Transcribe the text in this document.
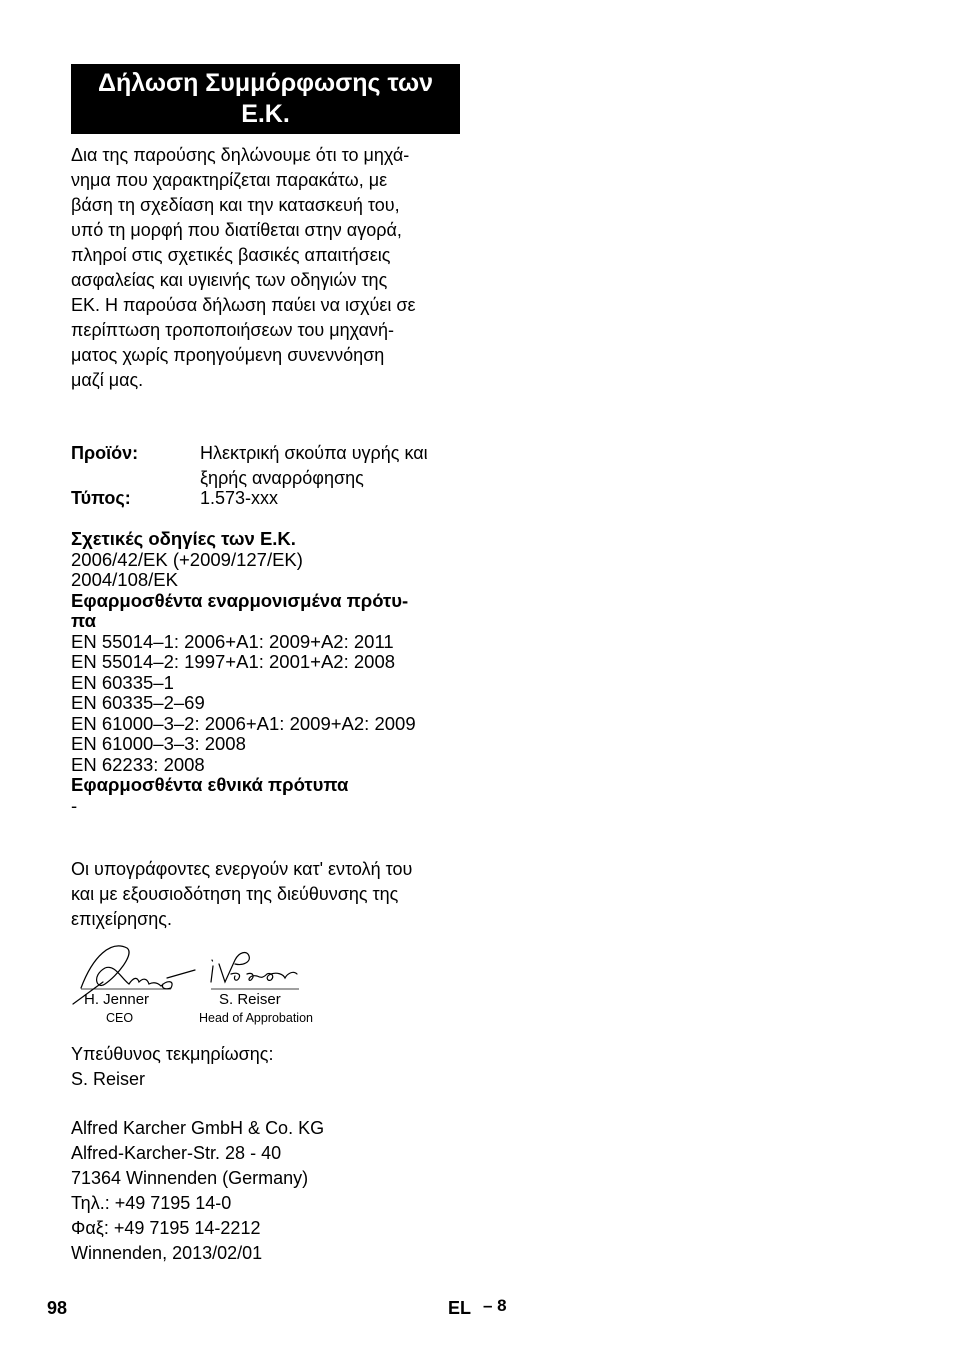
Δήλωση Συμμόρφωσης των Ε.Κ.
Δια της παρούσης δηλώνουμε ότι το μηχά-
νημα που χαρακτηρίζεται παρακάτω, με
βάση τη σχεδίαση και την κατασκευή του,
υπό τη μορφή που διατίθεται στην αγορά,
πληροί στις σχετικές βασικές απαιτήσεις
ασφαλείας και υγιεινής των οδηγιών της
ΕΚ. Η παρούσα δήλωση παύει να ισχύει σε
περίπτωση τροποποιήσεων του μηχανή-
ματος χωρίς προηγούμενη συνεννόηση
μαζί μας.
Προϊόν:	Ηλεκτρική σκούπα υγρής και
ξηρής αναρρόφησης
Τύπος:	1.573-xxx
Σχετικές οδηγίες των Ε.Κ.
2006/42/ΕΚ (+2009/127/ΕΚ)
2004/108/ΕΚ
Εφαρμοσθέντα εναρμονισμένα πρότυ-
πα
EN 55014–1: 2006+A1: 2009+A2: 2011
EN 55014–2: 1997+A1: 2001+A2: 2008
EN 60335–1
EN 60335–2–69
EN 61000–3–2: 2006+A1: 2009+A2: 2009
EN 61000–3–3: 2008
EN 62233: 2008
Εφαρμοσθέντα εθνικά πρότυπα
-
Οι υπογράφοντες ενεργούν κατ' εντολή του
και με εξουσιοδότηση της διεύθυνσης της
επιχείρησης.
H. Jenner
CEO
S. Reiser
Head of Approbation
Υπεύθυνος τεκμηρίωσης:
S. Reiser
Alfred Karcher GmbH & Co. KG
Alfred-Karcher-Str. 28 - 40
71364 Winnenden (Germany)
Τηλ.: +49 7195 14-0
Φαξ: +49 7195 14-2212
Winnenden, 2013/02/01
98	EL – 8
